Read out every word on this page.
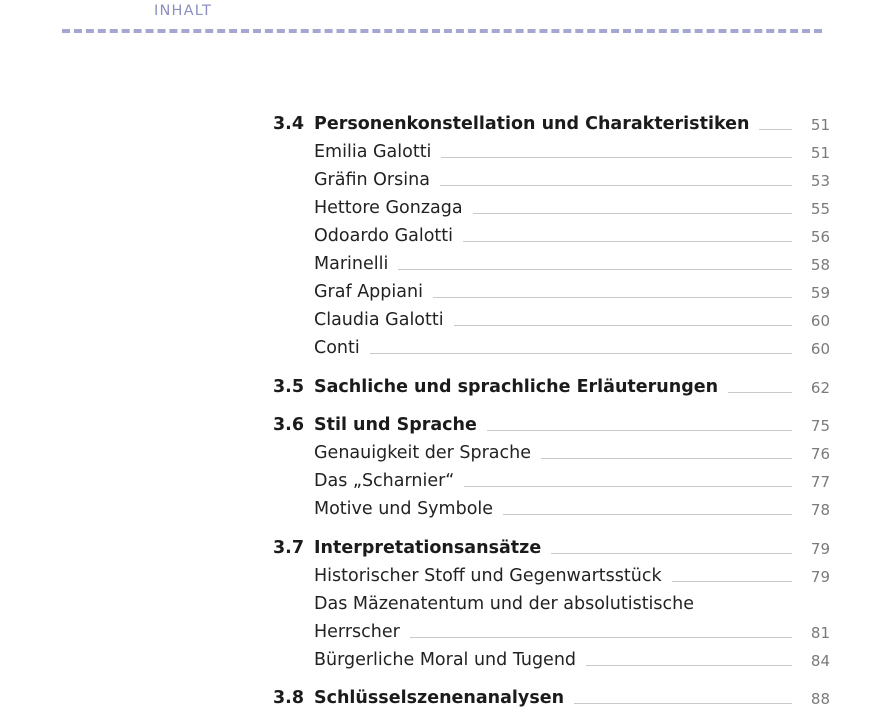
INHALT
3.4 Personenkonstellation und Charakteristiken	51
Emilia Galotti	51
Gräfin Orsina	53
Hettore Gonzaga	55
Odoardo Galotti	56
Marinelli	58
Graf Appiani	59
Claudia Galotti	60
Conti	60
3.5 Sachliche und sprachliche Erläuterungen	62
3.6 Stil und Sprache	75
Genauigkeit der Sprache	76
Das „Scharnier“	77
Motive und Symbole	78
3.7 Interpretationsansätze	79
Historischer Stoff und Gegenwartsstück	79
Das Mäzenatentum und der absolutistische
Herrscher	81
Bürgerliche Moral und Tugend	84
3.8 Schlüsselszenenanalysen	88
